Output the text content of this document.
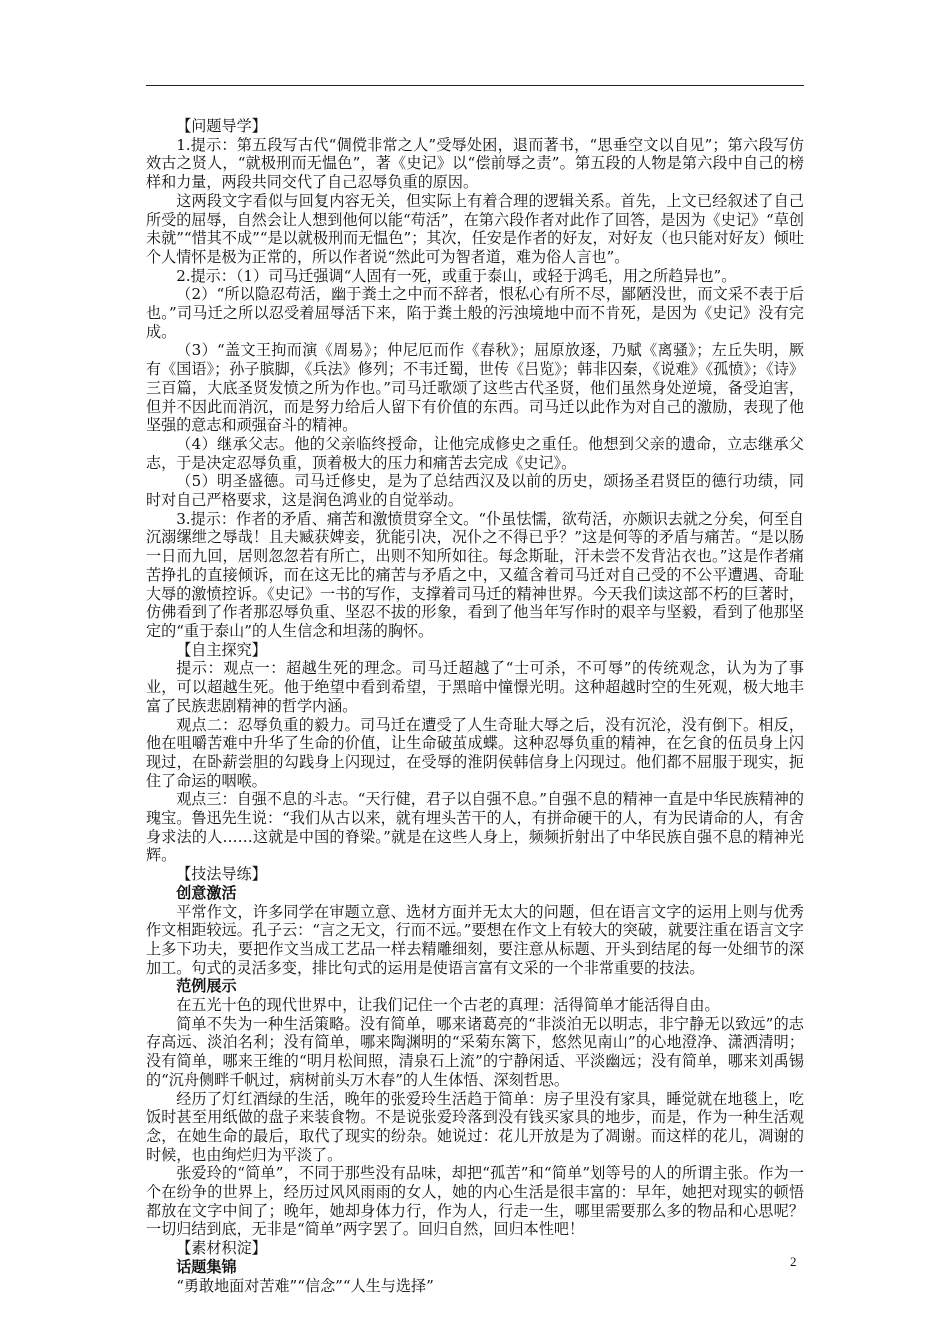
【问题导学】

1.提示：第五段写古代“倜傥非常之人”受辱处困，退而著书，“思垂空文以自见”；第六段写仿效古之贤人，“就极刑而无愠色”，著《史记》以“偿前辱之责”。第五段的人物是第六段中自己的榜样和力量，两段共同交代了自己忍辱负重的原因。

这两段文字看似与回复内容无关，但实际上有着合理的逻辑关系。首先，上文已经叙述了自己所受的屈辱，自然会让人想到他何以能“苟活”，在第六段作者对此作了回答，是因为《史记》“草创未就”“惜其不成”“是以就极刑而无愠色”；其次，任安是作者的好友，对好友（也只能对好友）倾吐个人情怀是极为正常的，所以作者说“然此可为智者道，难为俗人言也”。

2.提示：（1）司马迁强调“人固有一死，或重于泰山，或轻于鸿毛，用之所趋异也”。

（2）“所以隐忍苟活，幽于粪土之中而不辞者，恨私心有所不尽，鄙陋没世，而文采不表于后也。”司马迁之所以忍受着屈辱活下来，陷于粪土般的污浊境地中而不肯死，是因为《史记》没有完成。

（3）“盖文王拘而演《周易》；仲尼厄而作《春秋》；屈原放逐，乃赋《离骚》；左丘失明，厥有《国语》；孙子膑脚，《兵法》修列；不韦迁蜀，世传《吕览》；韩非囚秦，《说难》《孤愤》；《诗》三百篇，大底圣贤发愤之所为作也。”司马迁歌颂了这些古代圣贤，他们虽然身处逆境，备受迫害，但并不因此而消沉，而是努力给后人留下有价值的东西。司马迁以此作为对自己的激励，表现了他坚强的意志和顽强奋斗的精神。

（4）继承父志。他的父亲临终授命，让他完成修史之重任。他想到父亲的遗命，立志继承父志，于是决定忍辱负重，顶着极大的压力和痛苦去完成《史记》。

（5）明圣盛德。司马迁修史，是为了总结西汉及以前的历史，颂扬圣君贤臣的德行功绩，同时对自己严格要求，这是润色鸿业的自觉举动。

3.提示：作者的矛盾、痛苦和激愤贯穿全文。“仆虽怯懦，欲苟活，亦颇识去就之分矣，何至自沉溺缧绁之辱哉！且夫臧获婢妾，犹能引决，况仆之不得已乎？”这是何等的矛盾与痛苦。“是以肠一日而九回，居则忽忽若有所亡，出则不知所如往。每念斯耻，汗未尝不发背沾衣也。”这是作者痛苦挣扎的直接倾诉，而在这无比的痛苦与矛盾之中，又蕴含着司马迁对自己受的不公平遭遇、奇耻大辱的激愤控诉。《史记》一书的写作，支撑着司马迁的精神世界。今天我们读这部不朽的巨著时，仿佛看到了作者那忍辱负重、坚忍不拔的形象，看到了他当年写作时的艰辛与坚毅，看到了他那坚定的“重于泰山”的人生信念和坦荡的胸怀。

【自主探究】

提示：观点一：超越生死的理念。司马迁超越了“士可杀，不可辱”的传统观念，认为为了事业，可以超越生死。他于绝望中看到希望，于黑暗中憧憬光明。这种超越时空的生死观，极大地丰富了民族悲剧精神的哲学内涵。

观点二：忍辱负重的毅力。司马迁在遭受了人生奇耻大辱之后，没有沉沦，没有倒下。相反，他在咀嚼苦难中升华了生命的价值，让生命破茧成蝶。这种忍辱负重的精神，在乞食的伍员身上闪现过，在卧薪尝胆的勾践身上闪现过，在受辱的淮阴侯韩信身上闪现过。他们都不屈服于现实，扼住了命运的咽喉。

观点三：自强不息的斗志。“天行健，君子以自强不息。”自强不息的精神一直是中华民族精神的瑰宝。鲁迅先生说：“我们从古以来，就有埋头苦干的人，有拼命硬干的人，有为民请命的人，有舍身求法的人……这就是中国的脊梁。”就是在这些人身上，频频折射出了中华民族自强不息的精神光辉。

【技法导练】
创意激活

平常作文，许多同学在审题立意、选材方面并无太大的问题，但在语言文字的运用上则与优秀作文相距较远。孔子云：“言之无文，行而不远。”要想在作文上有较大的突破，就要注重在语言文字上多下功夫，要把作文当成工艺品一样去精雕细刻，要注意从标题、开头到结尾的每一处细节的深加工。句式的灵活多变，排比句式的运用是使语言富有文采的一个非常重要的技法。

范例展示

在五光十色的现代世界中，让我们记住一个古老的真理：活得简单才能活得自由。

简单不失为一种生活策略。没有简单，哪来诸葛亮的“非淡泊无以明志，非宁静无以致远”的志存高远、淡泊名利；没有简单，哪来陶渊明的“采菊东篱下，悠然见南山”的心地澄净、潇洒清明；没有简单，哪来王维的“明月松间照，清泉石上流”的宁静闲适、平淡幽远；没有简单，哪来刘禹锡的“沉舟侧畔千帆过，病树前头万木春”的人生体悟、深刻哲思。

经历了灯红酒绿的生活，晚年的张爱玲生活趋于简单：房子里没有家具，睡觉就在地毯上，吃饭时甚至用纸做的盘子来装食物。不是说张爱玲落到没有钱买家具的地步，而是，作为一种生活观念，在她生命的最后，取代了现实的纷杂。她说过：花儿开放是为了凋谢。而这样的花儿，凋谢的时候，也由绚烂归为平淡了。

张爱玲的“简单”，不同于那些没有品味，却把“孤苦”和“简单”划等号的人的所谓主张。作为一个在纷争的世界上，经历过风风雨雨的女人，她的内心生活是很丰富的：早年，她把对现实的顿悟都放在文字中间了；晚年，她却身体力行，作为人，行走一生，哪里需要那么多的物品和心思呢？一切归结到底，无非是“简单”两字罢了。回归自然，回归本性吧！

【素材积淀】
话题集锦

“勇敢地面对苦难”“信念”“人生与选择”

2
